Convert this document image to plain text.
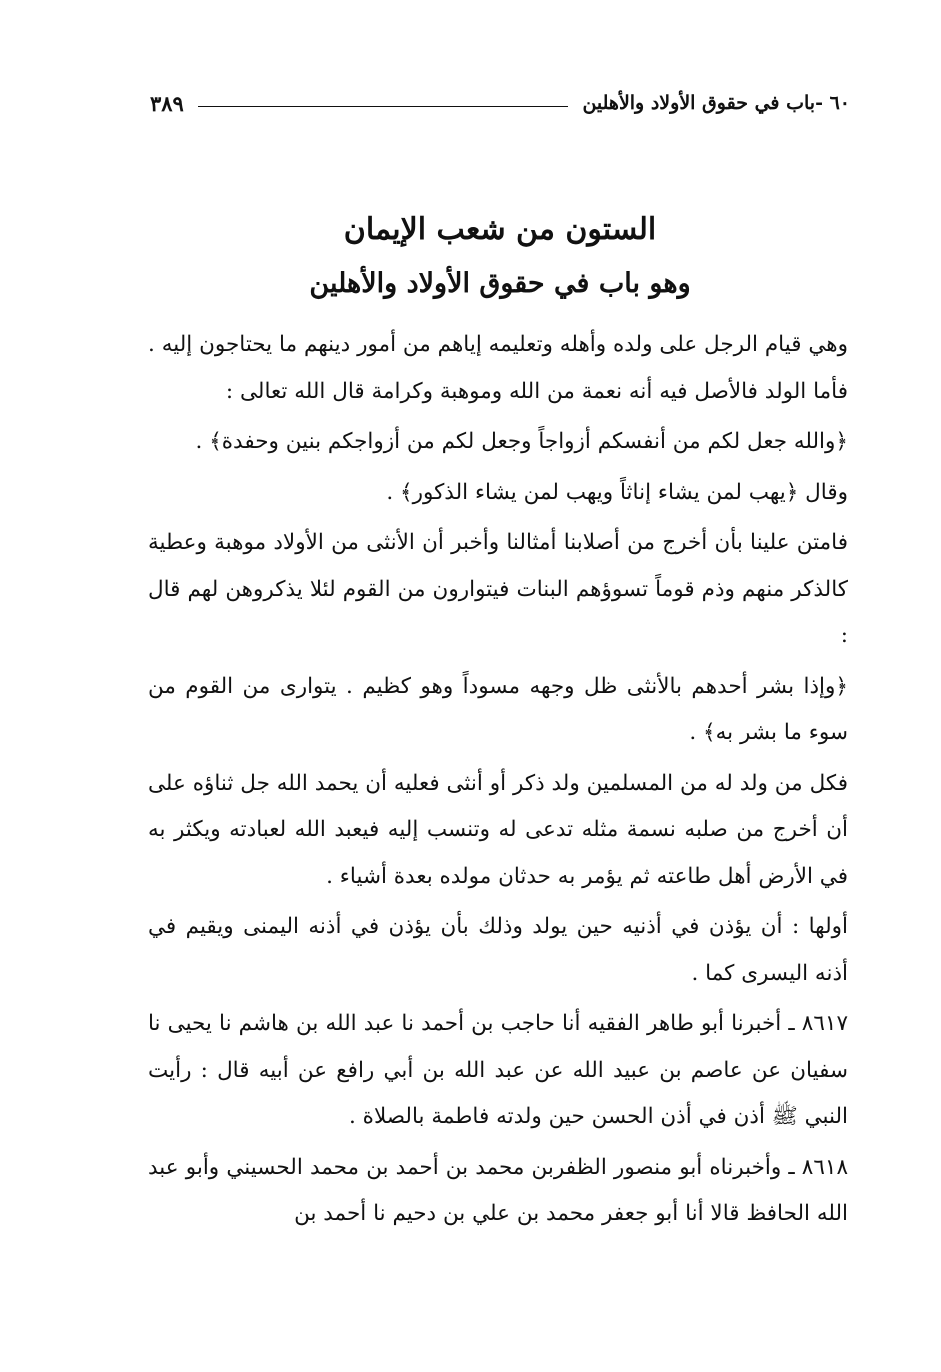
٦٠ -باب في حقوق الأولاد والأهلين
٣٨٩
الستون من شعب الإيمان
وهو باب في حقوق الأولاد والأهلين

وهي قيام الرجل على ولده وأهله وتعليمه إياهم من أمور دينهم ما يحتاجون إليه . فأما الولد فالأصل فيه أنه نعمة من الله وموهبة وكرامة قال الله تعالى :

﴿والله جعل لكم من أنفسكم أزواجاً وجعل لكم من أزواجكم بنين وحفدة﴾ .

وقال ﴿يهب لمن يشاء إناثاً ويهب لمن يشاء الذكور﴾ .

فامتن علينا بأن أخرج من أصلابنا أمثالنا وأخبر أن الأنثى من الأولاد موهبة وعطية كالذكر منهم وذم قوماً تسوؤهم البنات فيتوارون من القوم لئلا يذكروهن لهم قال :

﴿وإذا بشر أحدهم بالأنثى ظل وجهه مسوداً وهو كظيم . يتوارى من القوم من سوء ما بشر به﴾ .

فكل من ولد له من المسلمين ولد ذكر أو أنثى فعليه أن يحمد الله جل ثناؤه على أن أخرج من صلبه نسمة مثله تدعى له وتنسب إليه فيعبد الله لعبادته ويكثر به في الأرض أهل طاعته ثم يؤمر به حدثان مولده بعدة أشياء .

أولها : أن يؤذن في أذنيه حين يولد وذلك بأن يؤذن في أذنه اليمنى ويقيم في أذنه اليسرى كما .

٨٦١٧ ـ أخبرنا أبو طاهر الفقيه أنا حاجب بن أحمد نا عبد الله بن هاشم نا يحيى نا سفيان عن عاصم بن عبيد الله عن عبد الله بن أبي رافع عن أبيه قال : رأيت النبي ﷺ أذن في أذن الحسن حين ولدته فاطمة بالصلاة .

٨٦١٨ ـ وأخبرناه أبو منصور الظفربن محمد بن أحمد بن محمد الحسيني وأبو عبد الله الحافظ قالا أنا أبو جعفر محمد بن علي بن دحيم نا أحمد بن
